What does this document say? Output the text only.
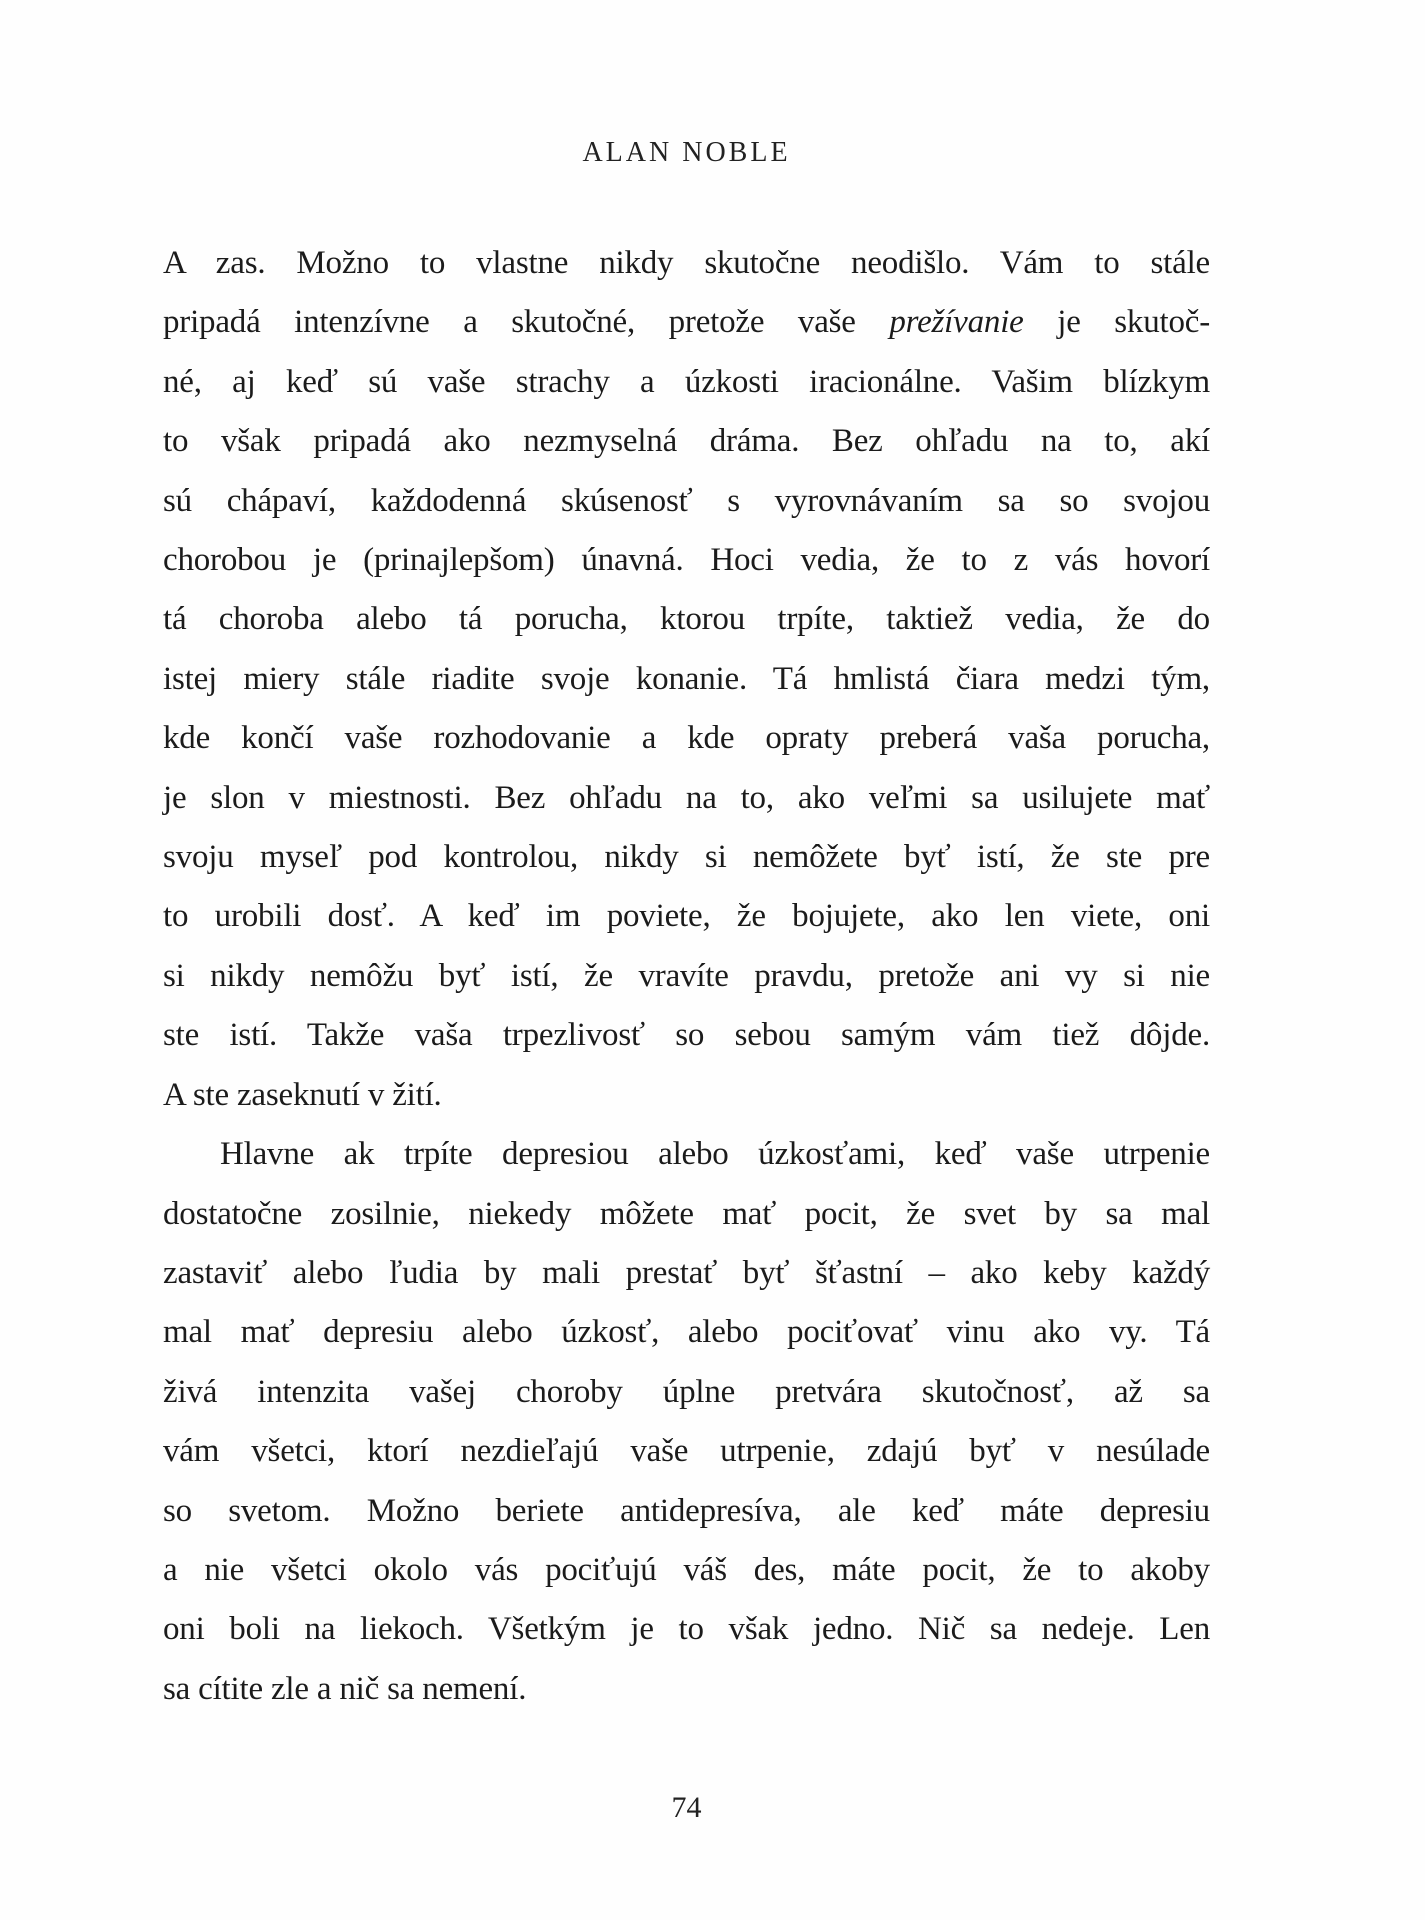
ALAN NOBLE
A zas. Možno to vlastne nikdy skutočne neodišlo. Vám to stále
pripadá intenzívne a skutočné, pretože vaše prežívanie je skutoč-
né, aj keď sú vaše strachy a úzkosti iracionálne. Vašim blízkym
to však pripadá ako nezmyselná dráma. Bez ohľadu na to, akí
sú chápaví, každodenná skúsenosť s vyrovnávaním sa so svojou
chorobou je (prinajlepšom) únavná. Hoci vedia, že to z vás hovorí
tá choroba alebo tá porucha, ktorou trpíte, taktiež vedia, že do
istej miery stále riadite svoje konanie. Tá hmlistá čiara medzi tým,
kde končí vaše rozhodovanie a kde opraty preberá vaša porucha,
je slon v miestnosti. Bez ohľadu na to, ako veľmi sa usilujete mať
svoju myseľ pod kontrolou, nikdy si nemôžete byť istí, že ste pre
to urobili dosť. A keď im poviete, že bojujete, ako len viete, oni
si nikdy nemôžu byť istí, že vravíte pravdu, pretože ani vy si nie
ste istí. Takže vaša trpezlivosť so sebou samým vám tiež dôjde.
A ste zaseknutí v žití.
Hlavne ak trpíte depresiou alebo úzkosťami, keď vaše utrpenie
dostatočne zosilnie, niekedy môžete mať pocit, že svet by sa mal
zastaviť alebo ľudia by mali prestať byť šťastní – ako keby každý
mal mať depresiu alebo úzkosť, alebo pociťovať vinu ako vy. Tá
živá intenzita vašej choroby úplne pretvára skutočnosť, až sa
vám všetci, ktorí nezdieľajú vaše utrpenie, zdajú byť v nesúlade
so svetom. Možno beriete antidepresíva, ale keď máte depresiu
a nie všetci okolo vás pociťujú váš des, máte pocit, že to akoby
oni boli na liekoch. Všetkým je to však jedno. Nič sa nedeje. Len
sa cítite zle a nič sa nemení.
74
